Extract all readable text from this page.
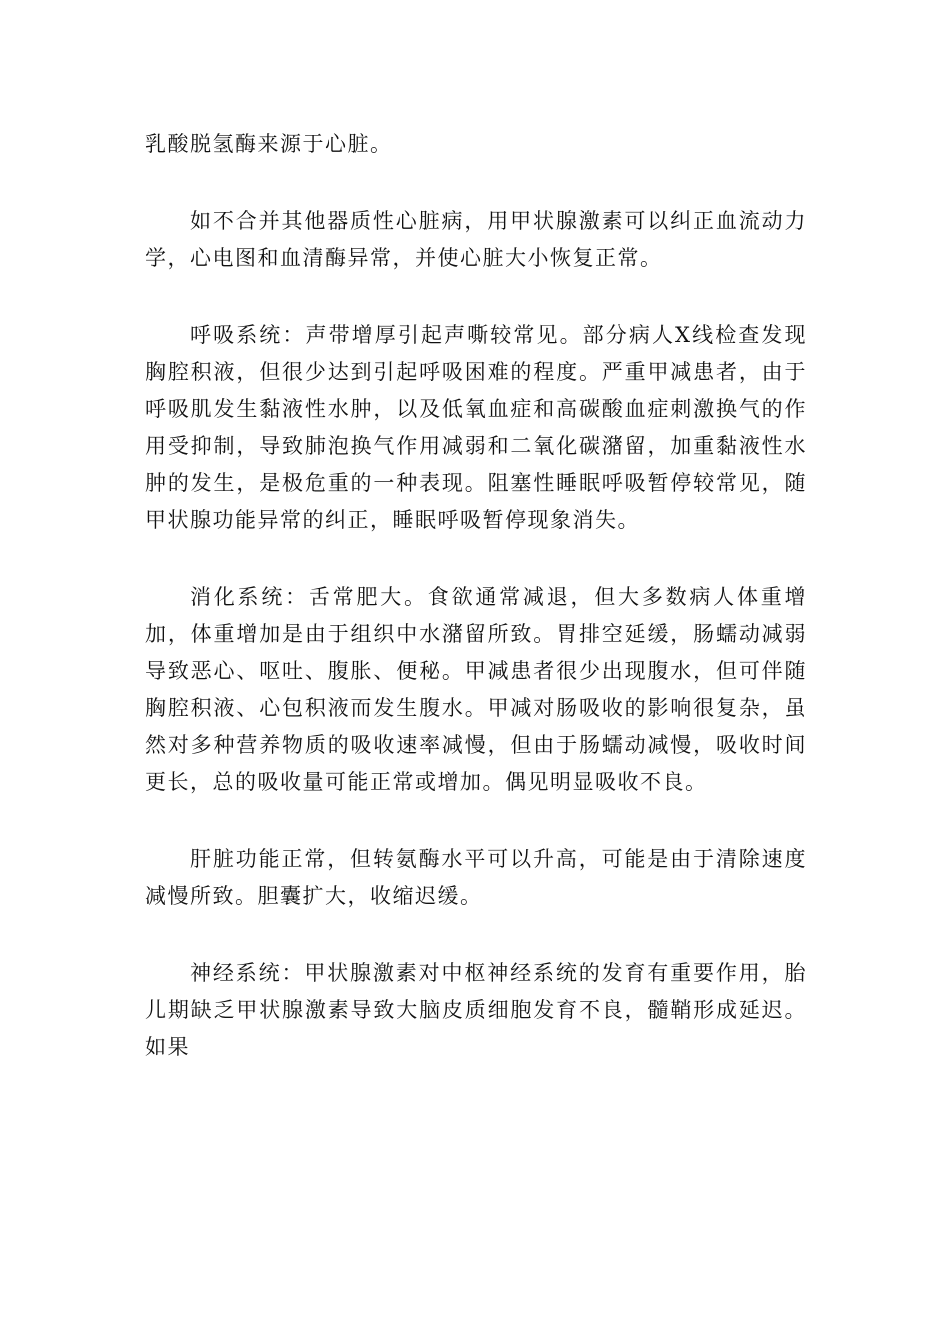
乳酸脱氢酶来源于心脏。

如不合并其他器质性心脏病，用甲状腺激素可以纠正血流动力学，心电图和血清酶异常，并使心脏大小恢复正常。

呼吸系统：声带增厚引起声嘶较常见。部分病人X线检查发现胸腔积液，但很少达到引起呼吸困难的程度。严重甲减患者，由于呼吸肌发生黏液性水肿，以及低氧血症和高碳酸血症刺激换气的作用受抑制，导致肺泡换气作用减弱和二氧化碳潴留，加重黏液性水肿的发生，是极危重的一种表现。阻塞性睡眠呼吸暂停较常见，随甲状腺功能异常的纠正，睡眠呼吸暂停现象消失。

消化系统：舌常肥大。食欲通常减退，但大多数病人体重增加，体重增加是由于组织中水潴留所致。胃排空延缓，肠蠕动减弱导致恶心、呕吐、腹胀、便秘。甲减患者很少出现腹水，但可伴随胸腔积液、心包积液而发生腹水。甲减对肠吸收的影响很复杂，虽然对多种营养物质的吸收速率减慢，但由于肠蠕动减慢，吸收时间更长，总的吸收量可能正常或增加。偶见明显吸收不良。

肝脏功能正常，但转氨酶水平可以升高，可能是由于清除速度减慢所致。胆囊扩大，收缩迟缓。

神经系统：甲状腺激素对中枢神经系统的发育有重要作用，胎儿期缺乏甲状腺激素导致大脑皮质细胞发育不良，髓鞘形成延迟。如果
